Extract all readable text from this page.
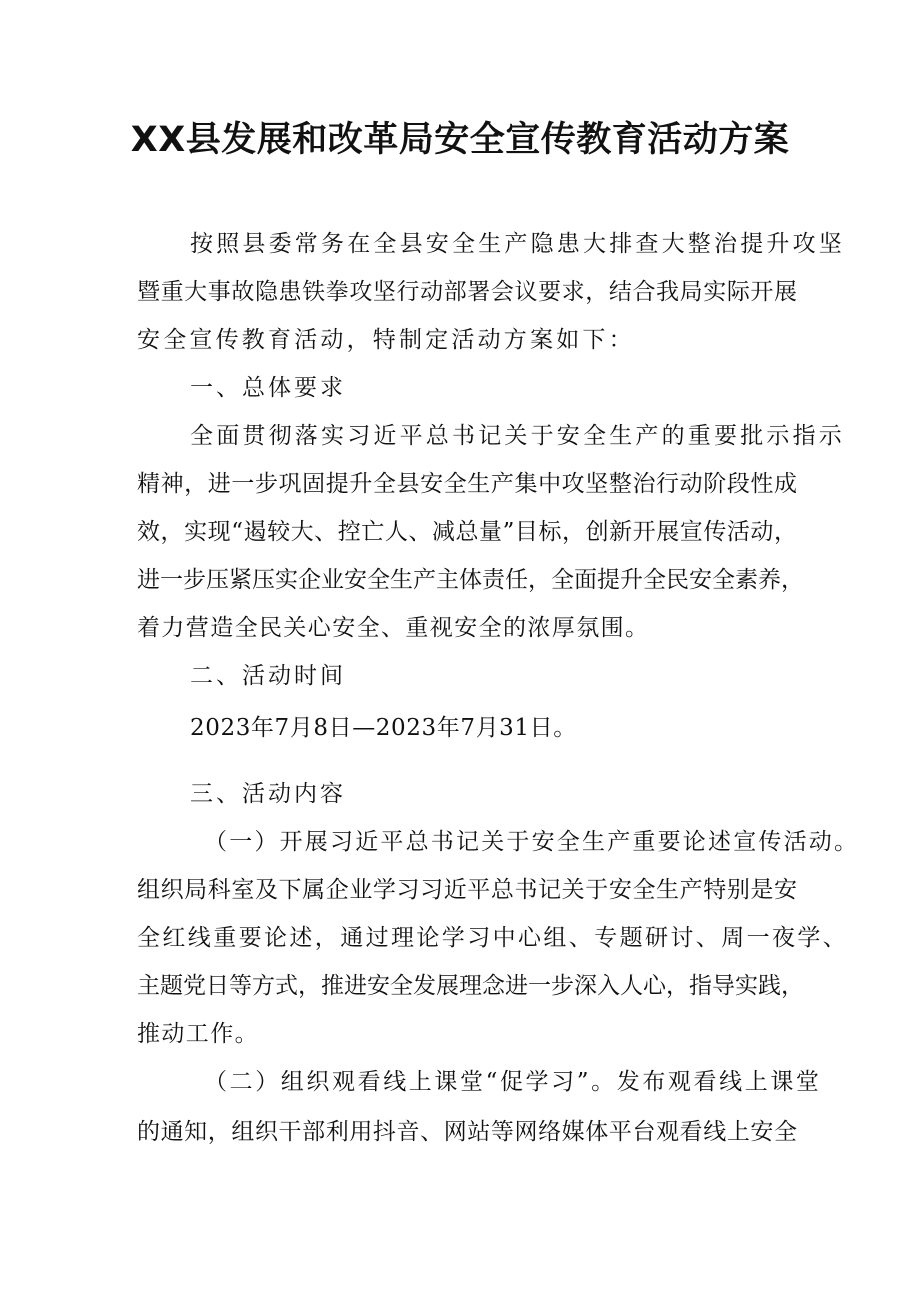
XX县发展和改革局安全宣传教育活动方案
按照县委常务在全县安全生产隐患大排查大整治提升攻坚
暨重大事故隐患铁拳攻坚行动部署会议要求，结合我局实际开展
安全宣传教育活动，特制定活动方案如下：
一、总体要求
全面贯彻落实习近平总书记关于安全生产的重要批示指示
精神，进一步巩固提升全县安全生产集中攻坚整治行动阶段性成
效，实现“遏较大、控亡人、减总量”目标，创新开展宣传活动，
进一步压紧压实企业安全生产主体责任，全面提升全民安全素养，
着力营造全民关心安全、重视安全的浓厚氛围。
二、活动时间
2023年7月8日—2023年7月31日。
三、活动内容
（一）开展习近平总书记关于安全生产重要论述宣传活动。
组织局科室及下属企业学习习近平总书记关于安全生产特别是安
全红线重要论述，通过理论学习中心组、专题研讨、周一夜学、
主题党日等方式，推进安全发展理念进一步深入人心，指导实践，
推动工作。
（二）组织观看线上课堂“促学习”。发布观看线上课堂
的通知，组织干部利用抖音、网站等网络媒体平台观看线上安全
